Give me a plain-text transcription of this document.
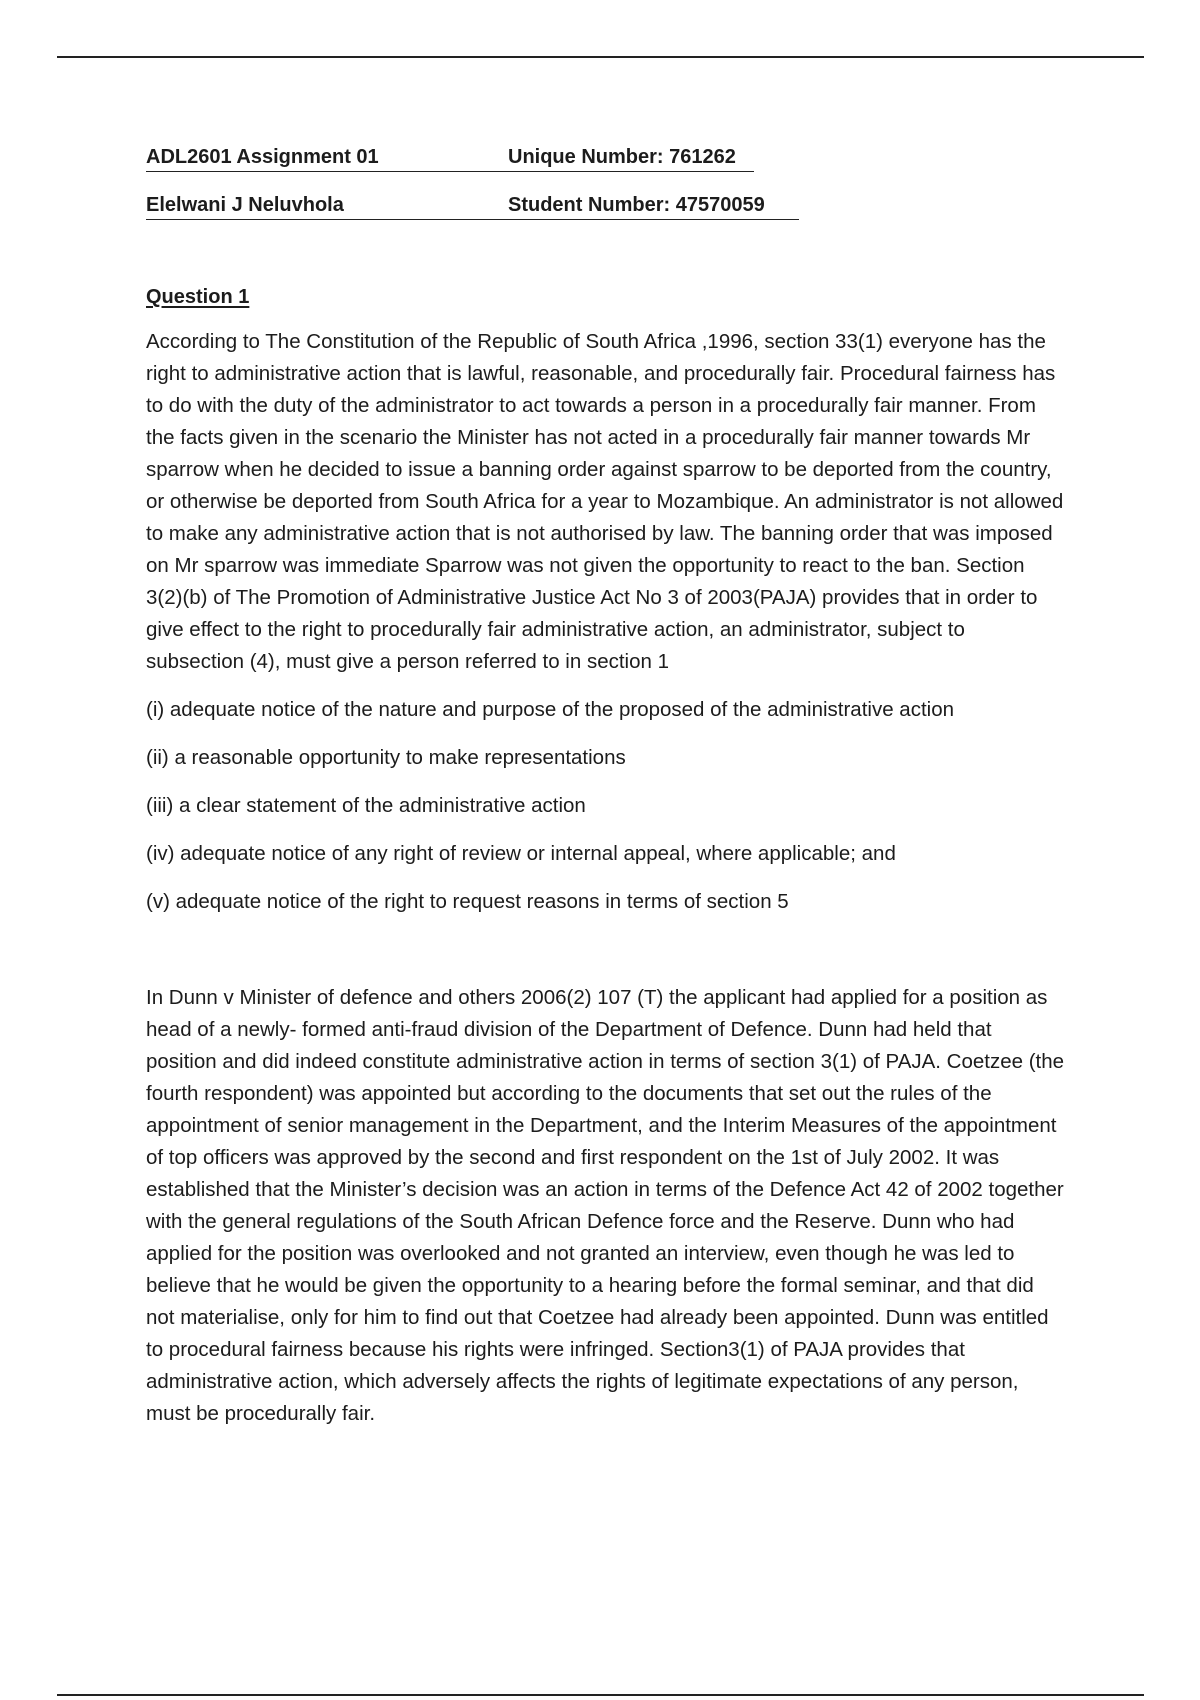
ADL2601 Assignment 01	Unique Number: 761262
Elelwani J Neluvhola	Student Number: 47570059
Question 1

According to The Constitution of the Republic of South Africa ,1996, section 33(1) everyone has the right to administrative action that is lawful, reasonable, and procedurally fair. Procedural fairness has to do with the duty of the administrator to act towards a person in a procedurally fair manner. From the facts given in the scenario the Minister has not acted in a procedurally fair manner towards Mr sparrow when he decided to issue a banning order against sparrow to be deported from the country, or otherwise be deported from South Africa for a year to Mozambique. An administrator is not allowed to make any administrative action that is not authorised by law. The banning order that was imposed on Mr sparrow was immediate Sparrow was not given the opportunity to react to the ban. Section 3(2)(b) of The Promotion of Administrative Justice Act No 3 of 2003(PAJA) provides that in order to give effect to the right to procedurally fair administrative action, an administrator, subject to subsection (4), must give a person referred to in section 1

(i) adequate notice of the nature and purpose of the proposed of the administrative action

(ii) a reasonable opportunity to make representations

(iii) a clear statement of the administrative action

(iv) adequate notice of any right of review or internal appeal, where applicable; and

(v) adequate notice of the right to request reasons in terms of section 5

In Dunn v Minister of defence and others 2006(2) 107 (T) the applicant had applied for a position as head of a newly- formed anti-fraud division of the Department of Defence. Dunn had held that position and did indeed constitute administrative action in terms of section 3(1) of PAJA. Coetzee (the fourth respondent) was appointed but according to the documents that set out the rules of the appointment of senior management in the Department, and the Interim Measures of the appointment of top officers was approved by the second and first respondent on the 1st of July 2002. It was established that the Minister’s decision was an action in terms of the Defence Act 42 of 2002 together with the general regulations of the South African Defence force and the Reserve. Dunn who had applied for the position was overlooked and not granted an interview, even though he was led to believe that he would be given the opportunity to a hearing before the formal seminar, and that did not materialise, only for him to find out that Coetzee had already been appointed. Dunn was entitled to procedural fairness because his rights were infringed. Section3(1) of PAJA provides that administrative action, which adversely affects the rights of legitimate expectations of any person, must be procedurally fair.
